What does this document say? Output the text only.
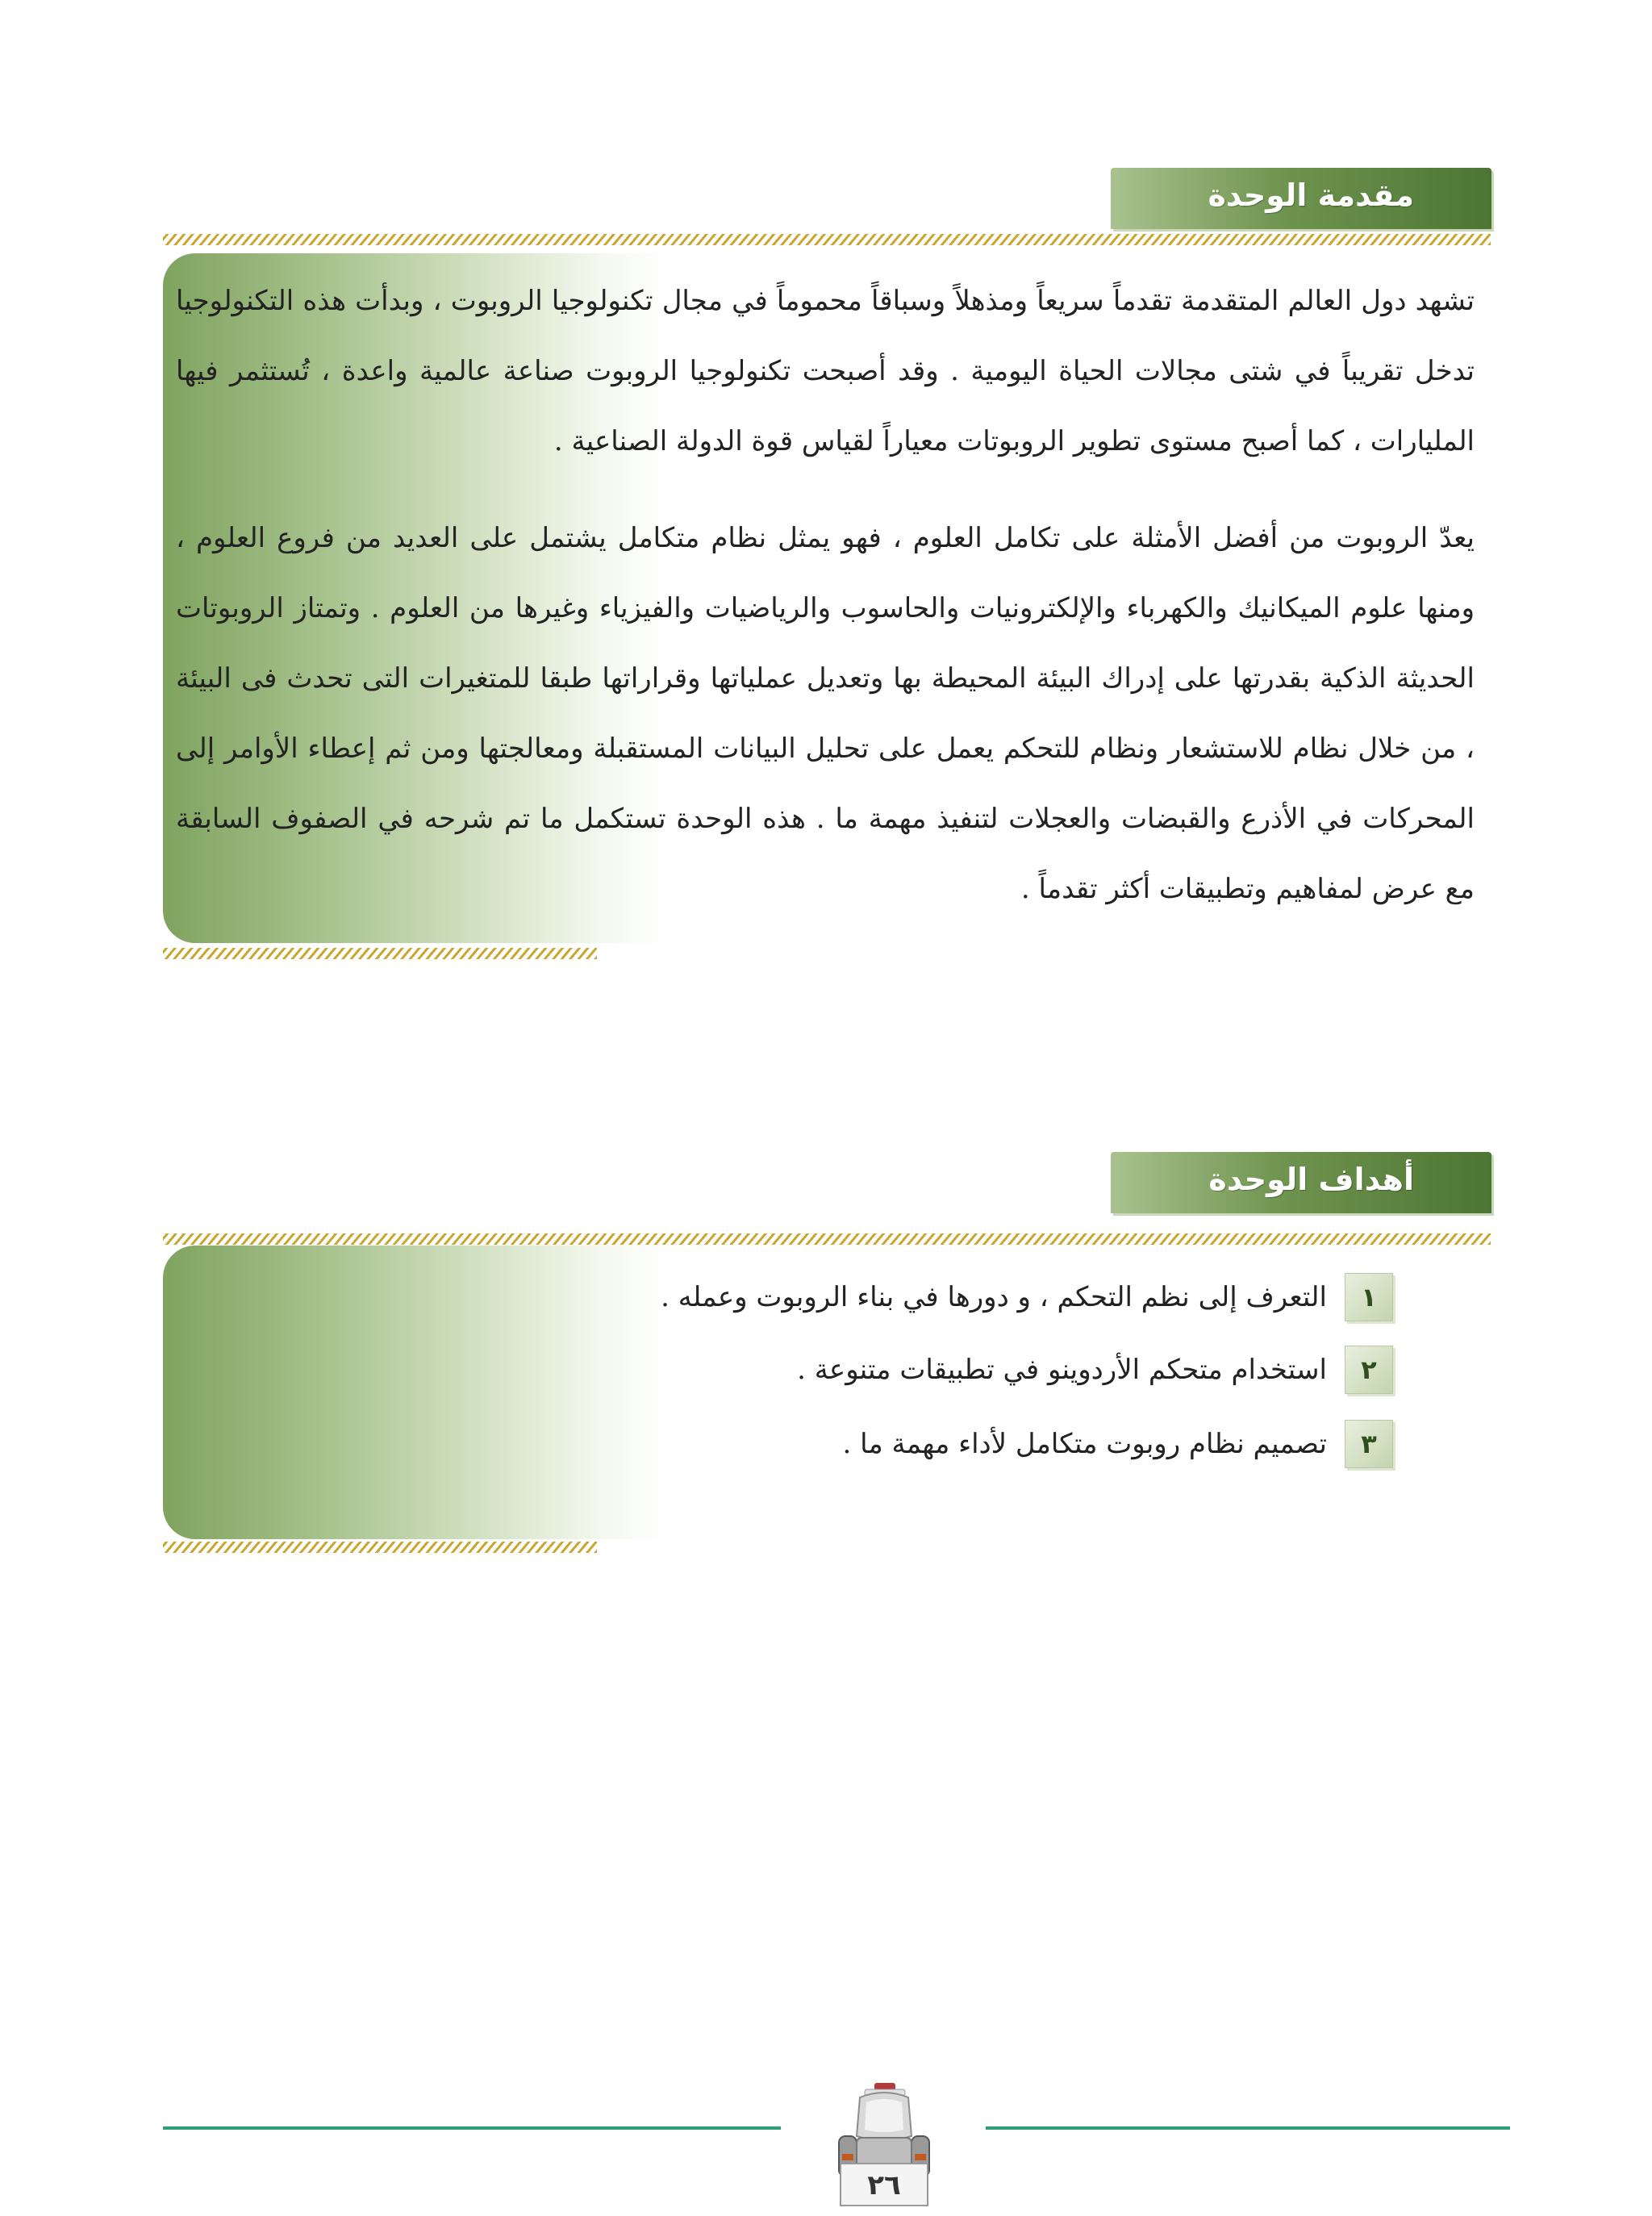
مقدمة الوحدة
تشهد دول العالم المتقدمة تقدماً سريعاً ومذهلاً وسباقاً محموماً في مجال تكنولوجيا الروبوت ، وبدأت هذه التكنولوجيا تدخل تقريباً في شتى مجالات الحياة اليومية . وقد أصبحت تكنولوجيا الروبوت صناعة عالمية واعدة ، تُستثمر فيها المليارات ، كما أصبح مستوى تطوير الروبوتات معياراً لقياس قوة الدولة الصناعية .
يعدّ الروبوت من أفضل الأمثلة على تكامل العلوم ، فهو يمثل نظام متكامل يشتمل على العديد من فروع العلوم ، ومنها علوم الميكانيك والكهرباء والإلكترونيات والحاسوب والرياضيات والفيزياء وغيرها من العلوم . وتمتاز الروبوتات الحديثة الذكية بقدرتها على إدراك البيئة المحيطة بها وتعديل عملياتها وقراراتها طبقا للمتغيرات التى تحدث فى البيئة ، من خلال نظام للاستشعار ونظام للتحكم يعمل على تحليل البيانات المستقبلة ومعالجتها ومن ثم إعطاء الأوامر إلى المحركات في الأذرع والقبضات والعجلات لتنفيذ مهمة ما . هذه الوحدة تستكمل ما تم شرحه في الصفوف السابقة مع عرض لمفاهيم وتطبيقات أكثر تقدماً .
أهداف الوحدة
١
التعرف إلى نظم التحكم ، و دورها في بناء الروبوت وعمله .
٢
استخدام متحكم الأردوينو في تطبيقات متنوعة .
٣
تصميم نظام روبوت متكامل لأداء مهمة ما .
٢٦
